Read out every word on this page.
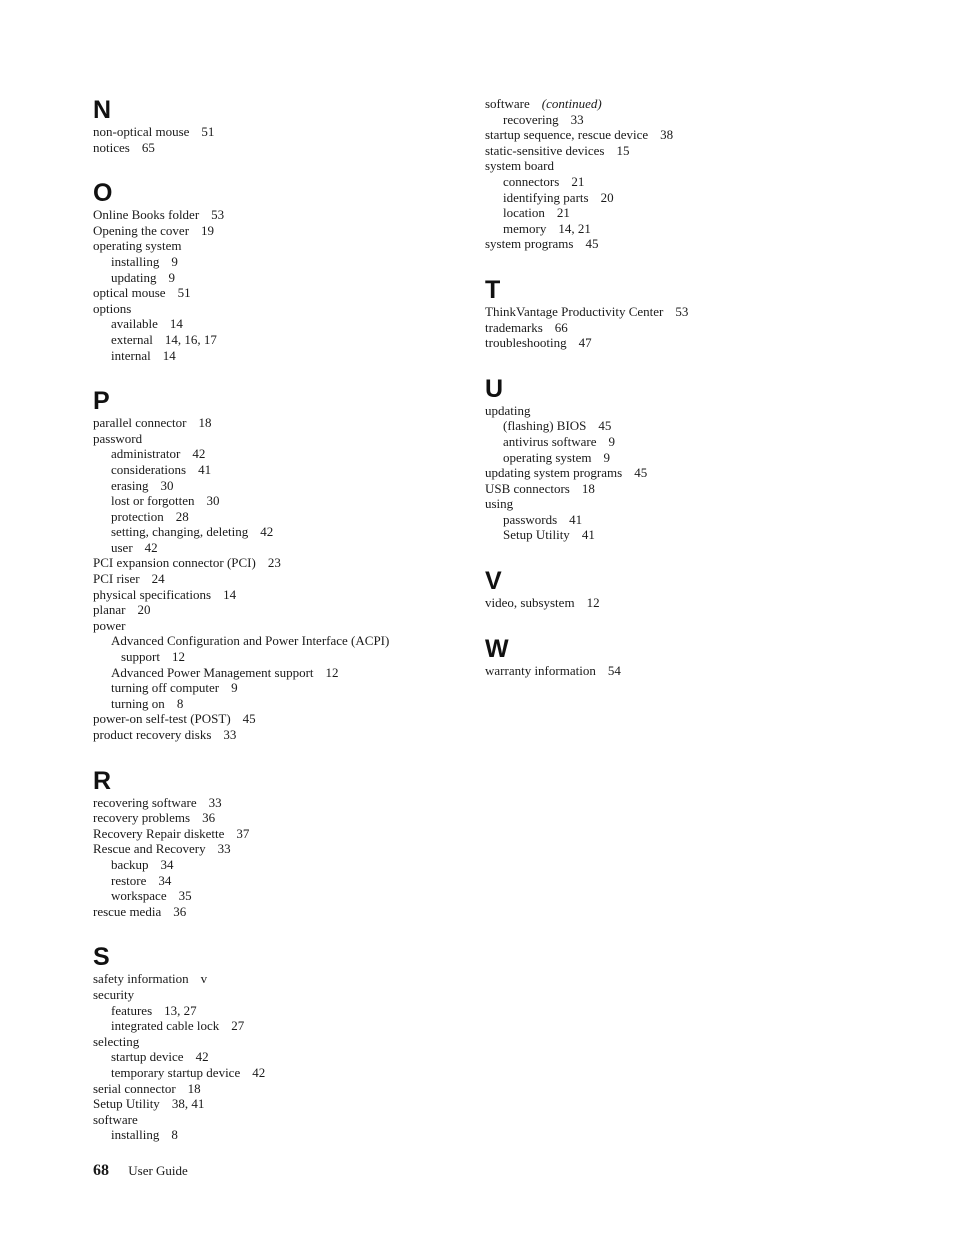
N
non-optical mouse 51
notices 65
O
Online Books folder 53
Opening the cover 19
operating system
installing 9
updating 9
optical mouse 51
options
available 14
external 14, 16, 17
internal 14
P
parallel connector 18
password
administrator 42
considerations 41
erasing 30
lost or forgotten 30
protection 28
setting, changing, deleting 42
user 42
PCI expansion connector (PCI) 23
PCI riser 24
physical specifications 14
planar 20
power
Advanced Configuration and Power Interface (ACPI)
support 12
Advanced Power Management support 12
turning off computer 9
turning on 8
power-on self-test (POST) 45
product recovery disks 33
R
recovering software 33
recovery problems 36
Recovery Repair diskette 37
Rescue and Recovery 33
backup 34
restore 34
workspace 35
rescue media 36
S
safety information v
security
features 13, 27
integrated cable lock 27
selecting
startup device 42
temporary startup device 42
serial connector 18
Setup Utility 38, 41
software
installing 8
software (continued)
recovering 33
startup sequence, rescue device 38
static-sensitive devices 15
system board
connectors 21
identifying parts 20
location 21
memory 14, 21
system programs 45
T
ThinkVantage Productivity Center 53
trademarks 66
troubleshooting 47
U
updating
(flashing) BIOS 45
antivirus software 9
operating system 9
updating system programs 45
USB connectors 18
using
passwords 41
Setup Utility 41
V
video, subsystem 12
W
warranty information 54
68 User Guide
